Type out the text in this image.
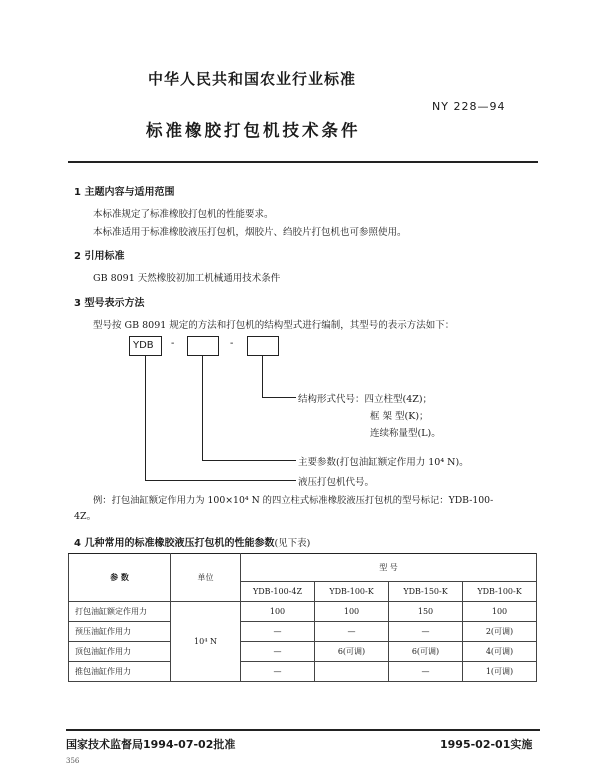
中华人民共和国农业行业标准
NY 228—94
标准橡胶打包机技术条件
1 主题内容与适用范围
本标准规定了标准橡胶打包机的性能要求。
本标准适用于标准橡胶液压打包机，烟胶片、绉胶片打包机也可参照使用。
2 引用标准
GB 8091 天然橡胶初加工机械通用技术条件
3 型号表示方法
型号按 GB 8091 规定的方法和打包机的结构型式进行编制，其型号的表示方法如下：
YDB -	-
结构形式代号：四立柱型(4Z)；
框 架 型(K)；
连续称量型(L)。
主要参数(打包油缸额定作用力 10⁴ N)。
液压打包机代号。
例：打包油缸额定作用力为 100×10⁴ N 的四立柱式标准橡胶液压打包机的型号标记：YDB-100-
4Z。
4 几种常用的标准橡胶液压打包机的性能参数(见下表)
参 数	单位	型 号			
		YDB-100-4Z	YDB-100-K	YDB-150-K	YDB-100-K
打包油缸额定作用力	10⁴ N	100	100	150	100
预压油缸作用力		—	—	—	2(可调)
顶包油缸作用力		—	6(可调)	6(可调)	4(可调)
推包油缸作用力		—		—	1(可调)
国家技术监督局1994-07-02批准	1995-02-01实施
356
